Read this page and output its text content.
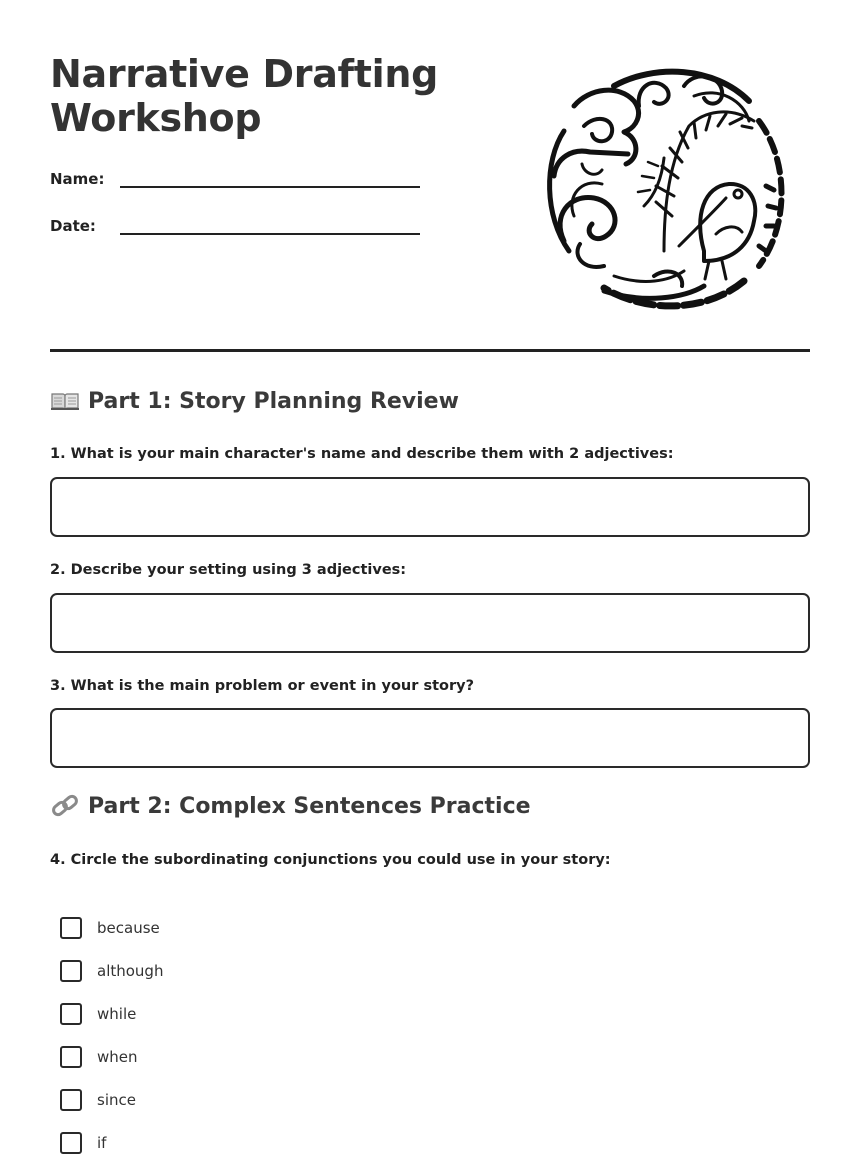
Narrative Drafting
Workshop
Name:
Date:
Part 1: Story Planning Review

1. What is your main character's name and describe them with 2 adjectives:

2. Describe your setting using 3 adjectives:

3. What is the main problem or event in your story?

Part 2: Complex Sentences Practice

4. Circle the subordinating conjunctions you could use in your story:

because
although
while
when
since
if
